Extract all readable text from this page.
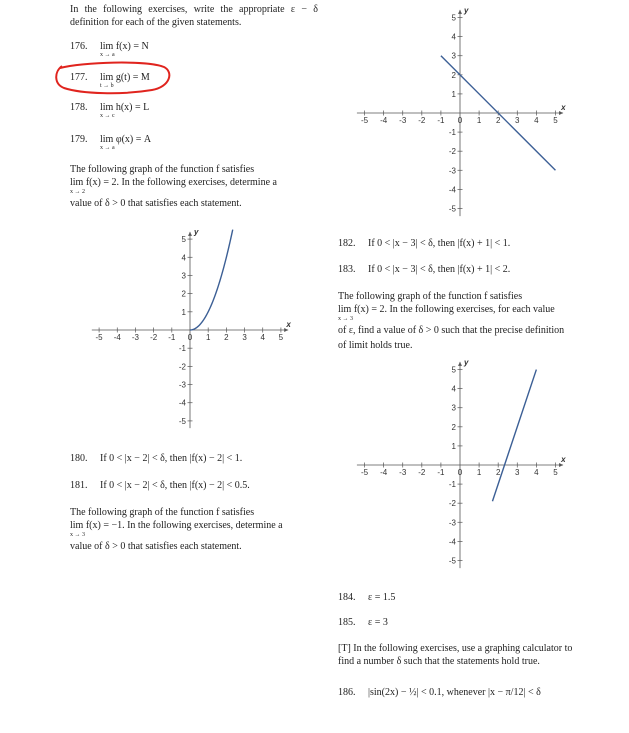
In the following exercises, write the appropriate ε − δ definition for each of the given statements.
176. lim f(x) = N
x → a
177. lim g(t) = M
t → b
178. lim h(x) = L
x → c
179. lim φ(x) = A
x → a
The following graph of the function f satisfies
lim f(x) = 2. In the following exercises, determine a
x → 2
value of δ > 0 that satisfies each statement.
-5 -4 -3 -2 -1 0 1 2 3 4 5
5
4
3
2
1
-1
-2
-3
-4
-5
x
y
180. If 0 < |x − 2| < δ, then |f(x) − 2| < 1.
181. If 0 < |x − 2| < δ, then |f(x) − 2| < 0.5.
The following graph of the function f satisfies
lim f(x) = −1. In the following exercises, determine a
x → 3
value of δ > 0 that satisfies each statement.
-5 -4 -3 -2 -1 0 1 2 3 4 5
5
4
3
2
1
-1
-2
-3
-4
-5
x
y
182. If 0 < |x − 3| < δ, then |f(x) + 1| < 1.
183. If 0 < |x − 3| < δ, then |f(x) + 1| < 2.
The following graph of the function f satisfies
lim f(x) = 2. In the following exercises, for each value
x → 3
of ε, find a value of δ > 0 such that the precise definition
of limit holds true.
-5 -4 -3 -2 -1 0 1 2 3 4 5
5
4
3
2
1
-1
-2
-3
-4
-5
x
y
184. ε = 1.5
185. ε = 3
[T] In the following exercises, use a graphing calculator to find a number δ such that the statements hold true.
186. |sin(2x) − ½| < 0.1, whenever |x − π/12| < δ
